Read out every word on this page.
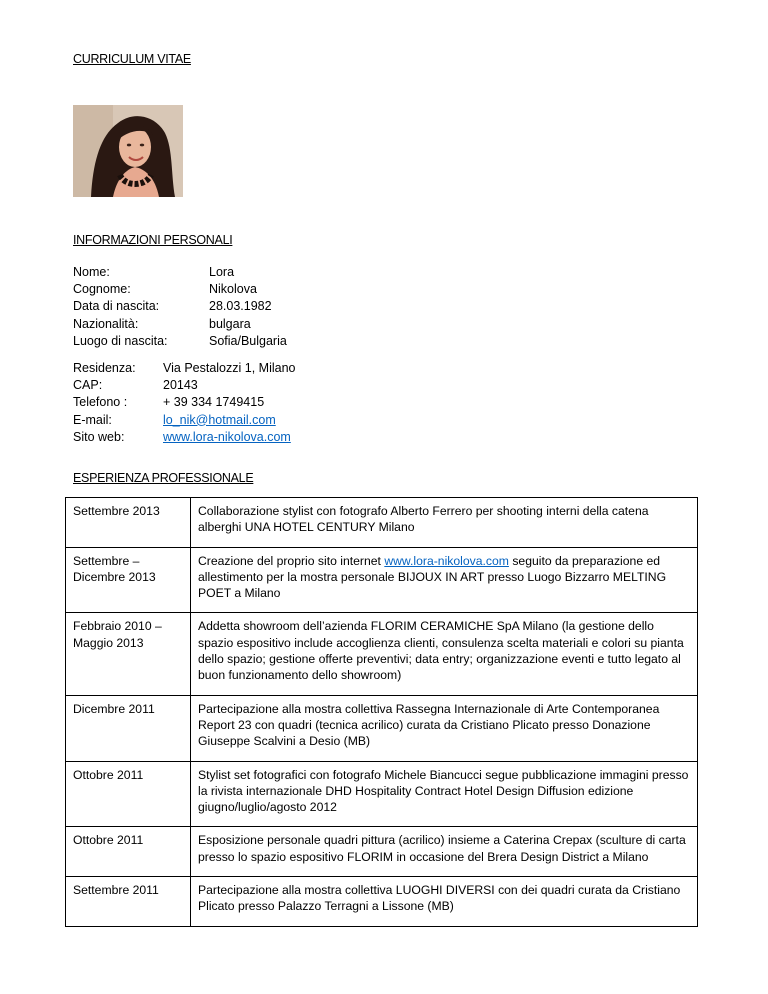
CURRICULUM VITAE
INFORMAZIONI PERSONALI
Nome:	Lora
Cognome:	Nikolova
Data di nascita:	28.03.1982
Nazionalità:	bulgara
Luogo di nascita:	Sofia/Bulgaria
Residenza: Via Pestalozzi 1, Milano
CAP:	20143
Telefono :	+ 39 334 1749415
E-mail:	lo_nik@hotmail.com
Sito web:	www.lora-nikolova.com
ESPERIENZA PROFESSIONALE
Settembre 2013	Collaborazione stylist con fotografo Alberto Ferrero per shooting interni della catena alberghi UNA HOTEL CENTURY Milano
Settembre – Dicembre 2013	Creazione del proprio sito internet www.lora-nikolova.com seguito da preparazione ed allestimento per la mostra personale BIJOUX IN ART presso Luogo Bizzarro MELTING POET a Milano
Febbraio 2010 – Maggio 2013	Addetta showroom dell’azienda FLORIM CERAMICHE SpA Milano (la gestione dello spazio espositivo include accoglienza clienti, consulenza scelta materiali e colori su pianta dello spazio; gestione offerte preventivi; data entry; organizzazione eventi e tutto legato al buon funzionamento dello showroom)
Dicembre 2011	Partecipazione alla mostra collettiva Rassegna Internazionale di Arte Contemporanea Report 23 con quadri (tecnica acrilico) curata da Cristiano Plicato presso Donazione Giuseppe Scalvini a Desio (MB)
Ottobre 2011	Stylist set fotografici con fotografo Michele Biancucci segue pubblicazione immagini presso la rivista internazionale DHD Hospitality Contract Hotel Design Diffusion edizione giugno/luglio/agosto 2012
Ottobre 2011	Esposizione personale quadri pittura (acrilico) insieme a Caterina Crepax (sculture di carta presso lo spazio espositivo FLORIM in occasione del Brera Design District a Milano
Settembre 2011	Partecipazione alla mostra collettiva LUOGHI DIVERSI con dei quadri curata da Cristiano Plicato presso Palazzo Terragni a Lissone (MB)
